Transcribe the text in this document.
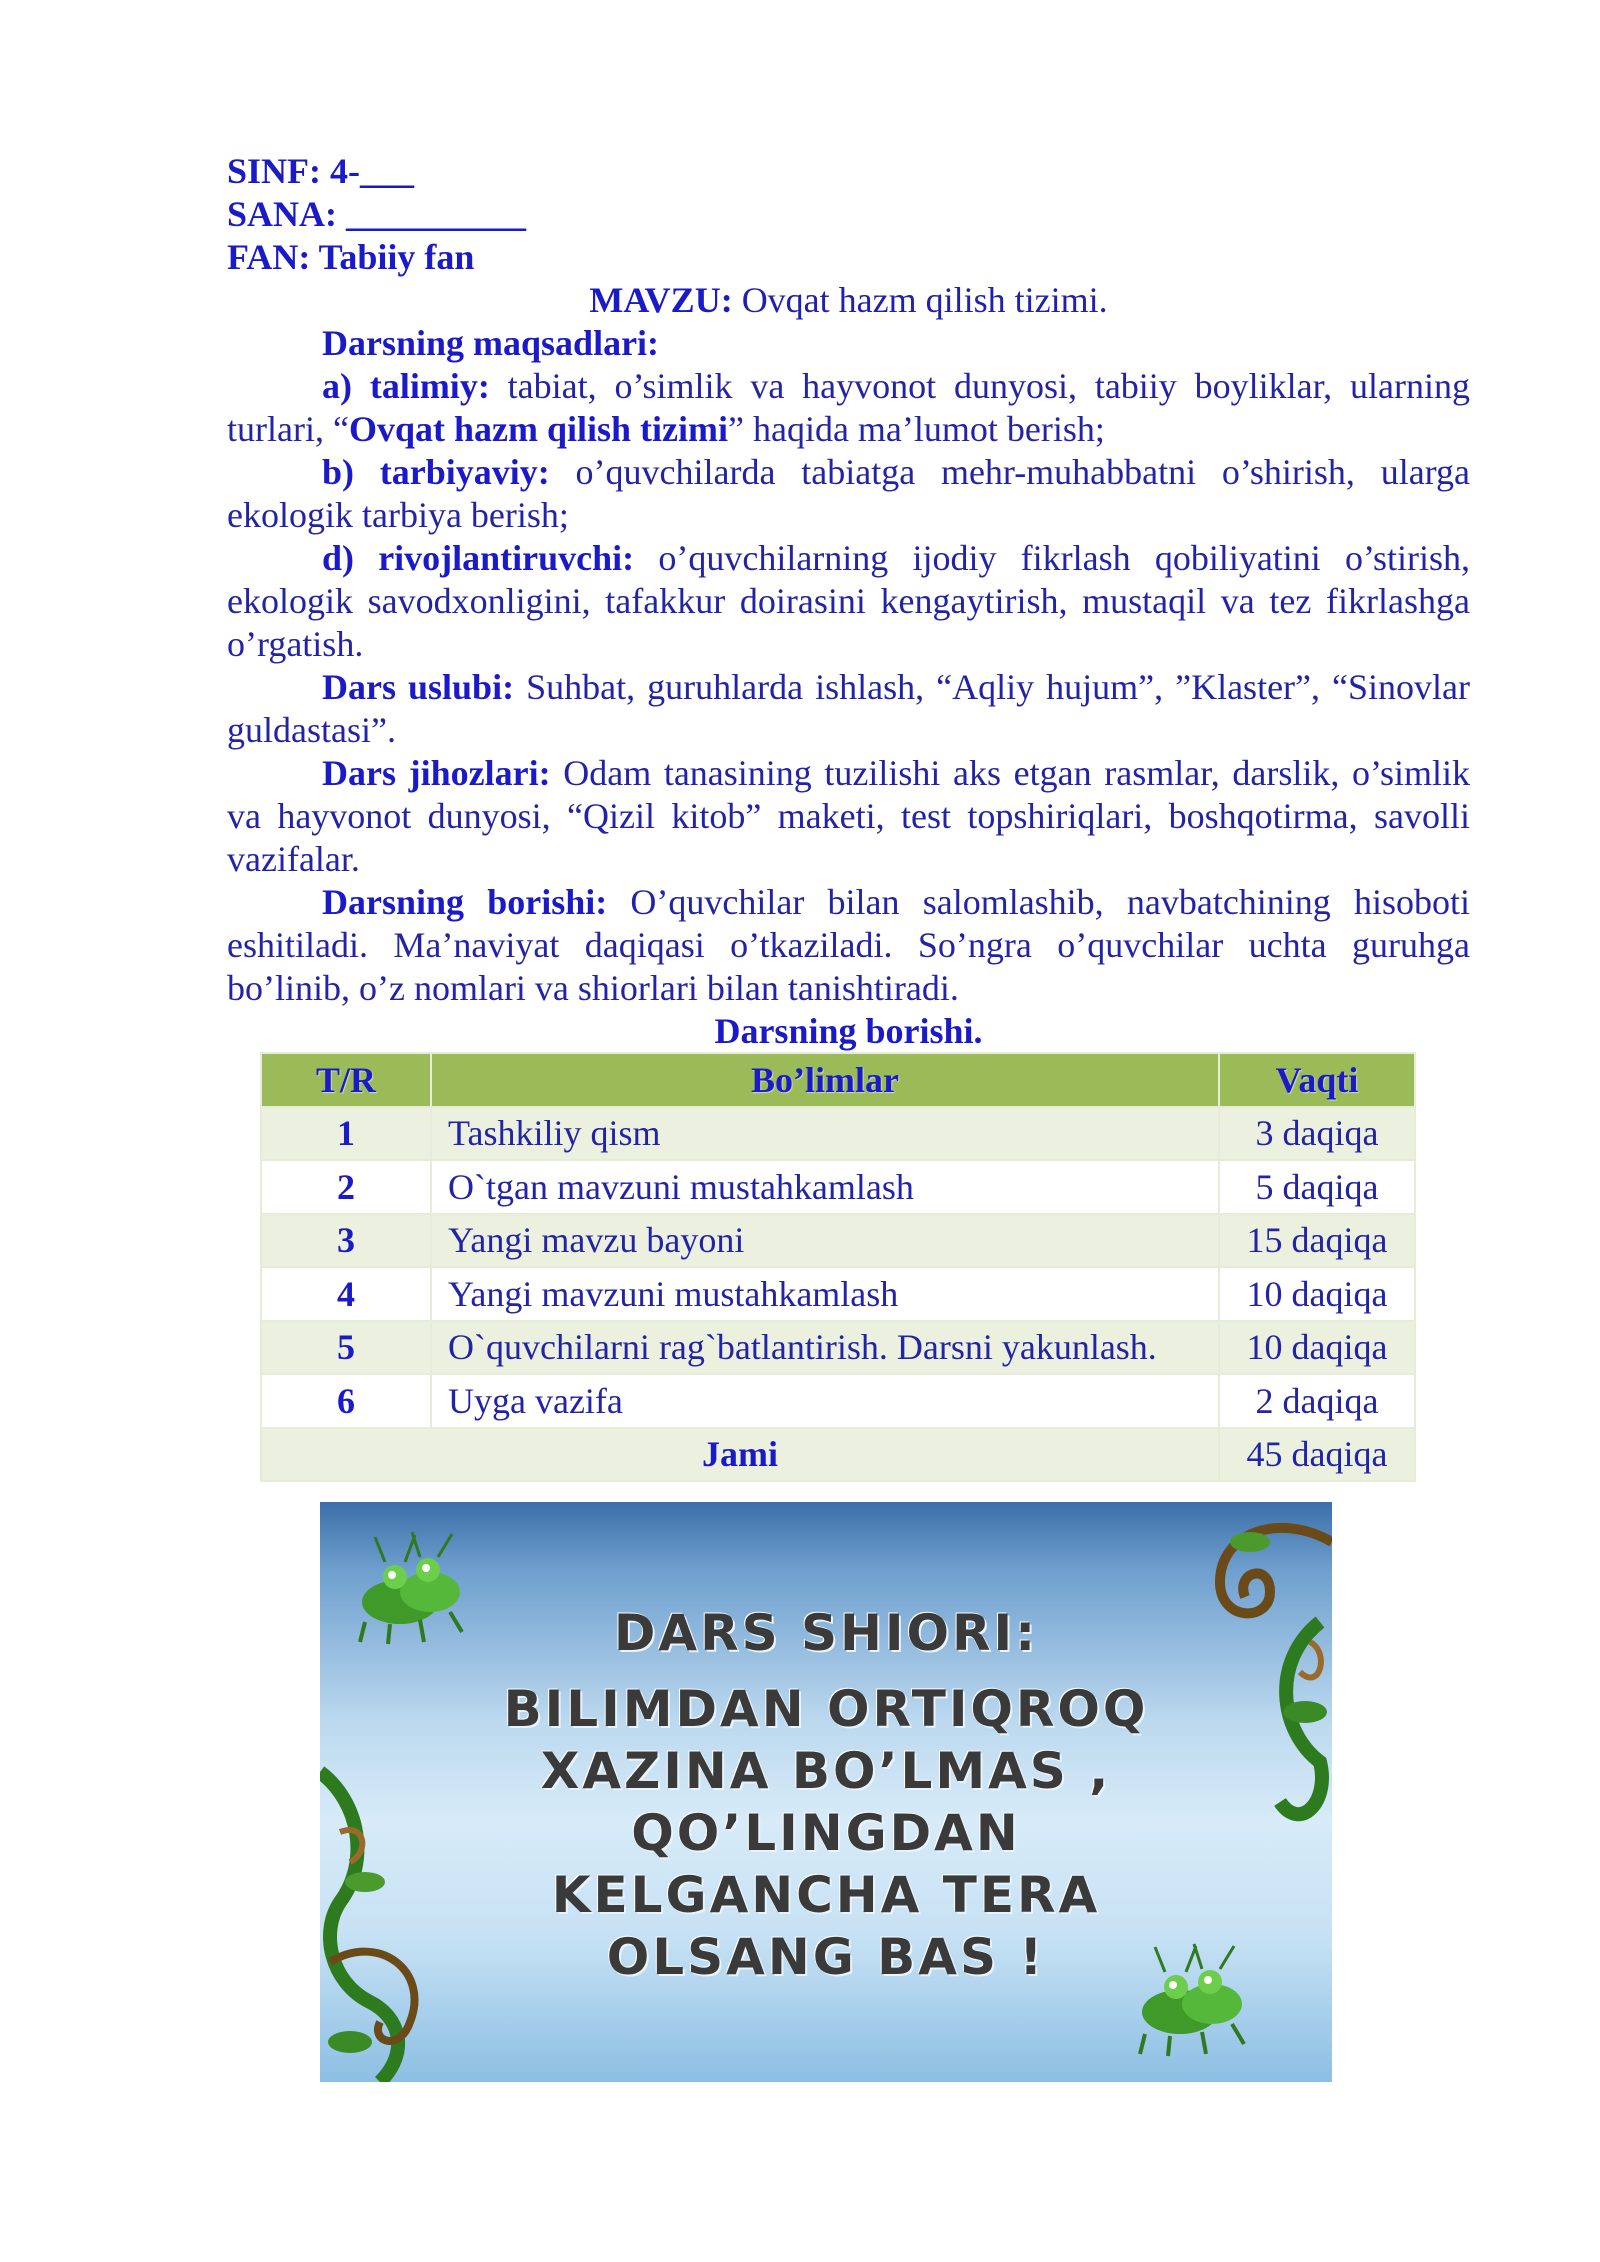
SINF: 4-___
SANA: __________
FAN: Tabiiy fan
MAVZU: Ovqat hazm qilish tizimi.

Darsning maqsadlari:

a) talimiy: tabiat, o’simlik va hayvonot dunyosi, tabiiy boyliklar, ularning turlari, “Ovqat hazm qilish tizimi” haqida ma’lumot berish;

b) tarbiyaviy: o’quvchilarda tabiatga mehr-muhabbatni o’shirish, ularga ekologik tarbiya berish;

d) rivojlantiruvchi: o’quvchilarning ijodiy fikrlash qobiliyatini o’stirish, ekologik savodxonligini, tafakkur doirasini kengaytirish, mustaqil va tez fikrlashga o’rgatish.

Dars uslubi: Suhbat, guruhlarda ishlash, “Aqliy hujum”, ”Klaster”, “Sinovlar guldastasi”.

Dars jihozlari: Odam tanasining tuzilishi aks etgan rasmlar, darslik, o’simlik va hayvonot dunyosi, “Qizil kitob” maketi, test topshiriqlari, boshqotirma, savolli vazifalar.

Darsning borishi: O’quvchilar bilan salomlashib, navbatchining hisoboti eshitiladi. Ma’naviyat daqiqasi o’tkaziladi. So’ngra o’quvchilar uchta guruhga bo’linib, o’z nomlari va shiorlari bilan tanishtiradi.

Darsning borishi.
T/R	Bo’limlar	Vaqti
1	Tashkiliy qism	3 daqiqa
2	O`tgan mavzuni mustahkamlash	5 daqiqa
3	Yangi mavzu bayoni	15 daqiqa
4	Yangi mavzuni mustahkamlash	10 daqiqa
5	O`quvchilarni rag`batlantirish. Darsni yakunlash.	10 daqiqa
6	Uyga vazifa	2 daqiqa
Jami		45 daqiqa
DARS SHIORI:
BILIMDAN ORTIQROQ
XAZINA BO’LMAS ,
QO’LINGDAN
KELGANCHA TERA
OLSANG BAS !
